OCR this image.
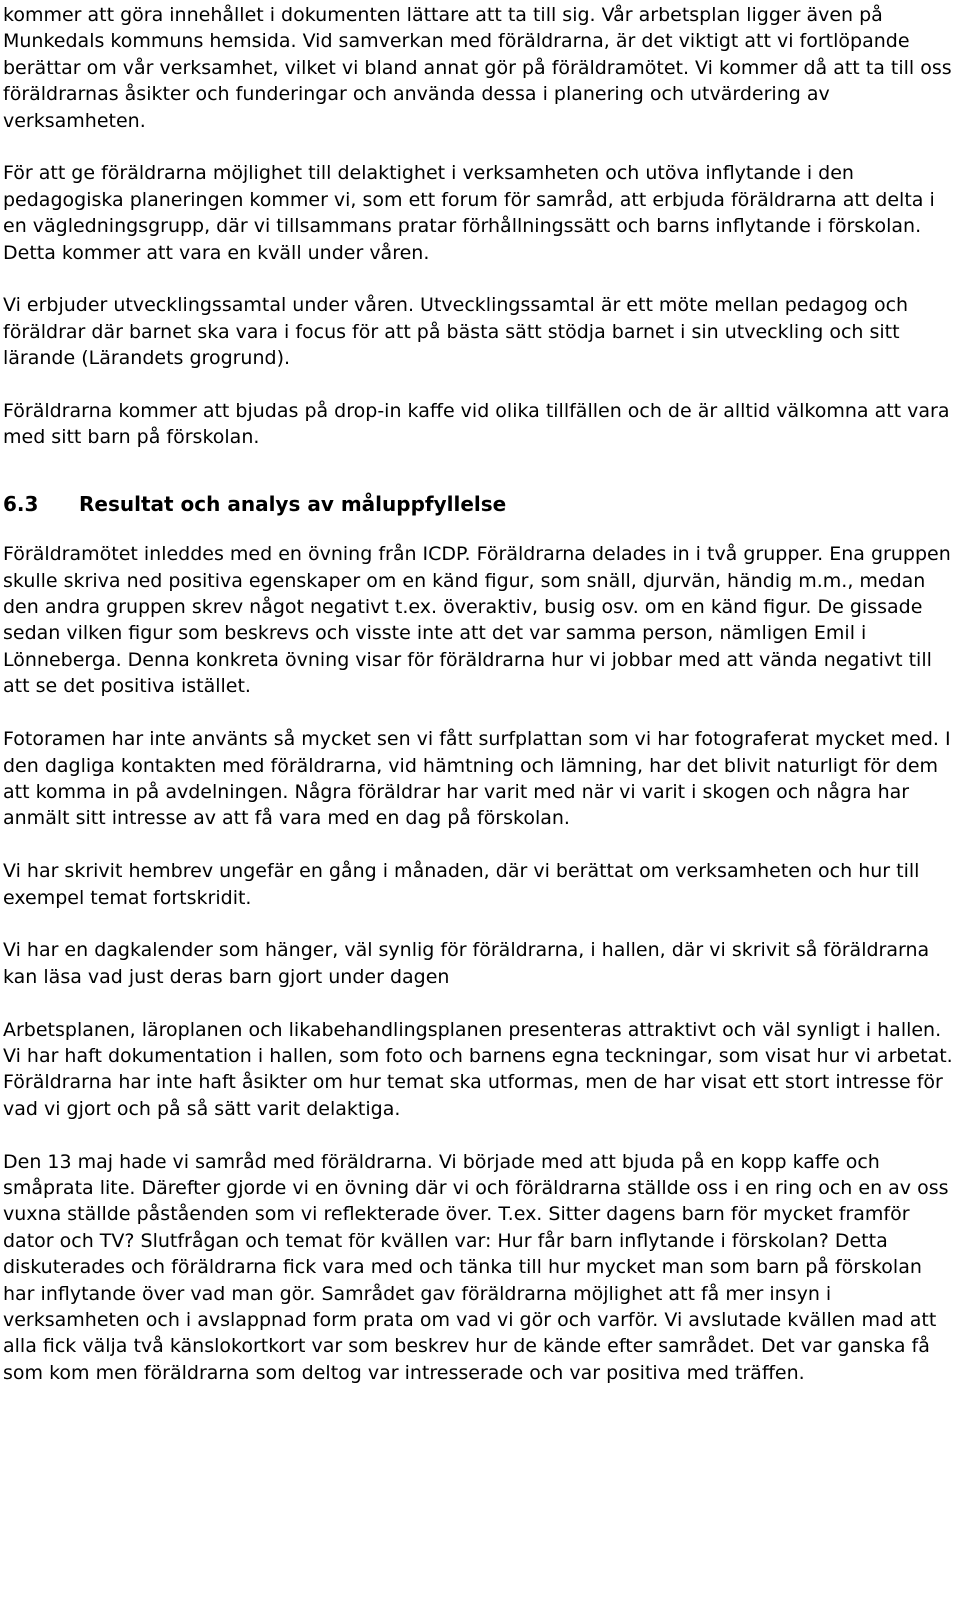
kommer att göra innehållet i dokumenten lättare att ta till sig. Vår arbetsplan ligger även på Munkedals kommuns hemsida. Vid samverkan med föräldrarna, är det viktigt att vi fortlöpande berättar om vår verksamhet, vilket vi bland annat gör på föräldramötet. Vi kommer då att ta till oss föräldrarnas åsikter och funderingar och använda dessa i planering och utvärdering av verksamheten.

För att ge föräldrarna möjlighet till delaktighet i verksamheten och utöva inflytande i den pedagogiska planeringen kommer vi, som ett forum för samråd, att erbjuda föräldrarna att delta i en vägledningsgrupp, där vi tillsammans pratar förhållningssätt och barns inflytande i förskolan. Detta kommer att vara en kväll under våren.

Vi erbjuder utvecklingssamtal under våren. Utvecklingssamtal är ett möte mellan pedagog och föräldrar där barnet ska vara i focus för att på bästa sätt stödja barnet i sin utveckling och sitt lärande (Lärandets grogrund).

Föräldrarna kommer att bjudas på drop-in kaffe vid olika tillfällen och de är alltid välkomna att vara med sitt barn på förskolan.

6.3 Resultat och analys av måluppfyllelse

Föräldramötet inleddes med en övning från ICDP. Föräldrarna delades in i två grupper. Ena gruppen skulle skriva ned positiva egenskaper om en känd figur, som snäll, djurvän, händig m.m., medan den andra gruppen skrev något negativt t.ex. överaktiv, busig osv. om en känd figur. De gissade sedan vilken figur som beskrevs och visste inte att det var samma person, nämligen Emil i Lönneberga. Denna konkreta övning visar för föräldrarna hur vi jobbar med att vända negativt till att se det positiva istället.

Fotoramen har inte använts så mycket sen vi fått surfplattan som vi har fotograferat mycket med. I den dagliga kontakten med föräldrarna, vid hämtning och lämning, har det blivit naturligt för dem att komma in på avdelningen. Några föräldrar har varit med när vi varit i skogen och några har anmält sitt intresse av att få vara med en dag på förskolan.

Vi har skrivit hembrev ungefär en gång i månaden, där vi berättat om verksamheten och hur till exempel temat fortskridit.

Vi har en dagkalender som hänger, väl synlig för föräldrarna, i hallen, där vi skrivit så föräldrarna kan läsa vad just deras barn gjort under dagen

Arbetsplanen, läroplanen och likabehandlingsplanen presenteras attraktivt och väl synligt i hallen. Vi har haft dokumentation i hallen, som foto och barnens egna teckningar, som visat hur vi arbetat. Föräldrarna har inte haft åsikter om hur temat ska utformas, men de har visat ett stort intresse för vad vi gjort och på så sätt varit delaktiga.

Den 13 maj hade vi samråd med föräldrarna. Vi började med att bjuda på en kopp kaffe och småprata lite. Därefter gjorde vi en övning där vi och föräldrarna ställde oss i en ring och en av oss vuxna ställde påståenden som vi reflekterade över. T.ex. Sitter dagens barn för mycket framför dator och TV? Slutfrågan och temat för kvällen var: Hur får barn inflytande i förskolan? Detta diskuterades och föräldrarna fick vara med och tänka till hur mycket man som barn på förskolan har inflytande över vad man gör. Samrådet gav föräldrarna möjlighet att få mer insyn i verksamheten och i avslappnad form prata om vad vi gör och varför. Vi avslutade kvällen mad att alla fick välja två känslokortkort var som beskrev hur de kände efter samrådet. Det var ganska få som kom men föräldrarna som deltog var intresserade och var positiva med träffen.
